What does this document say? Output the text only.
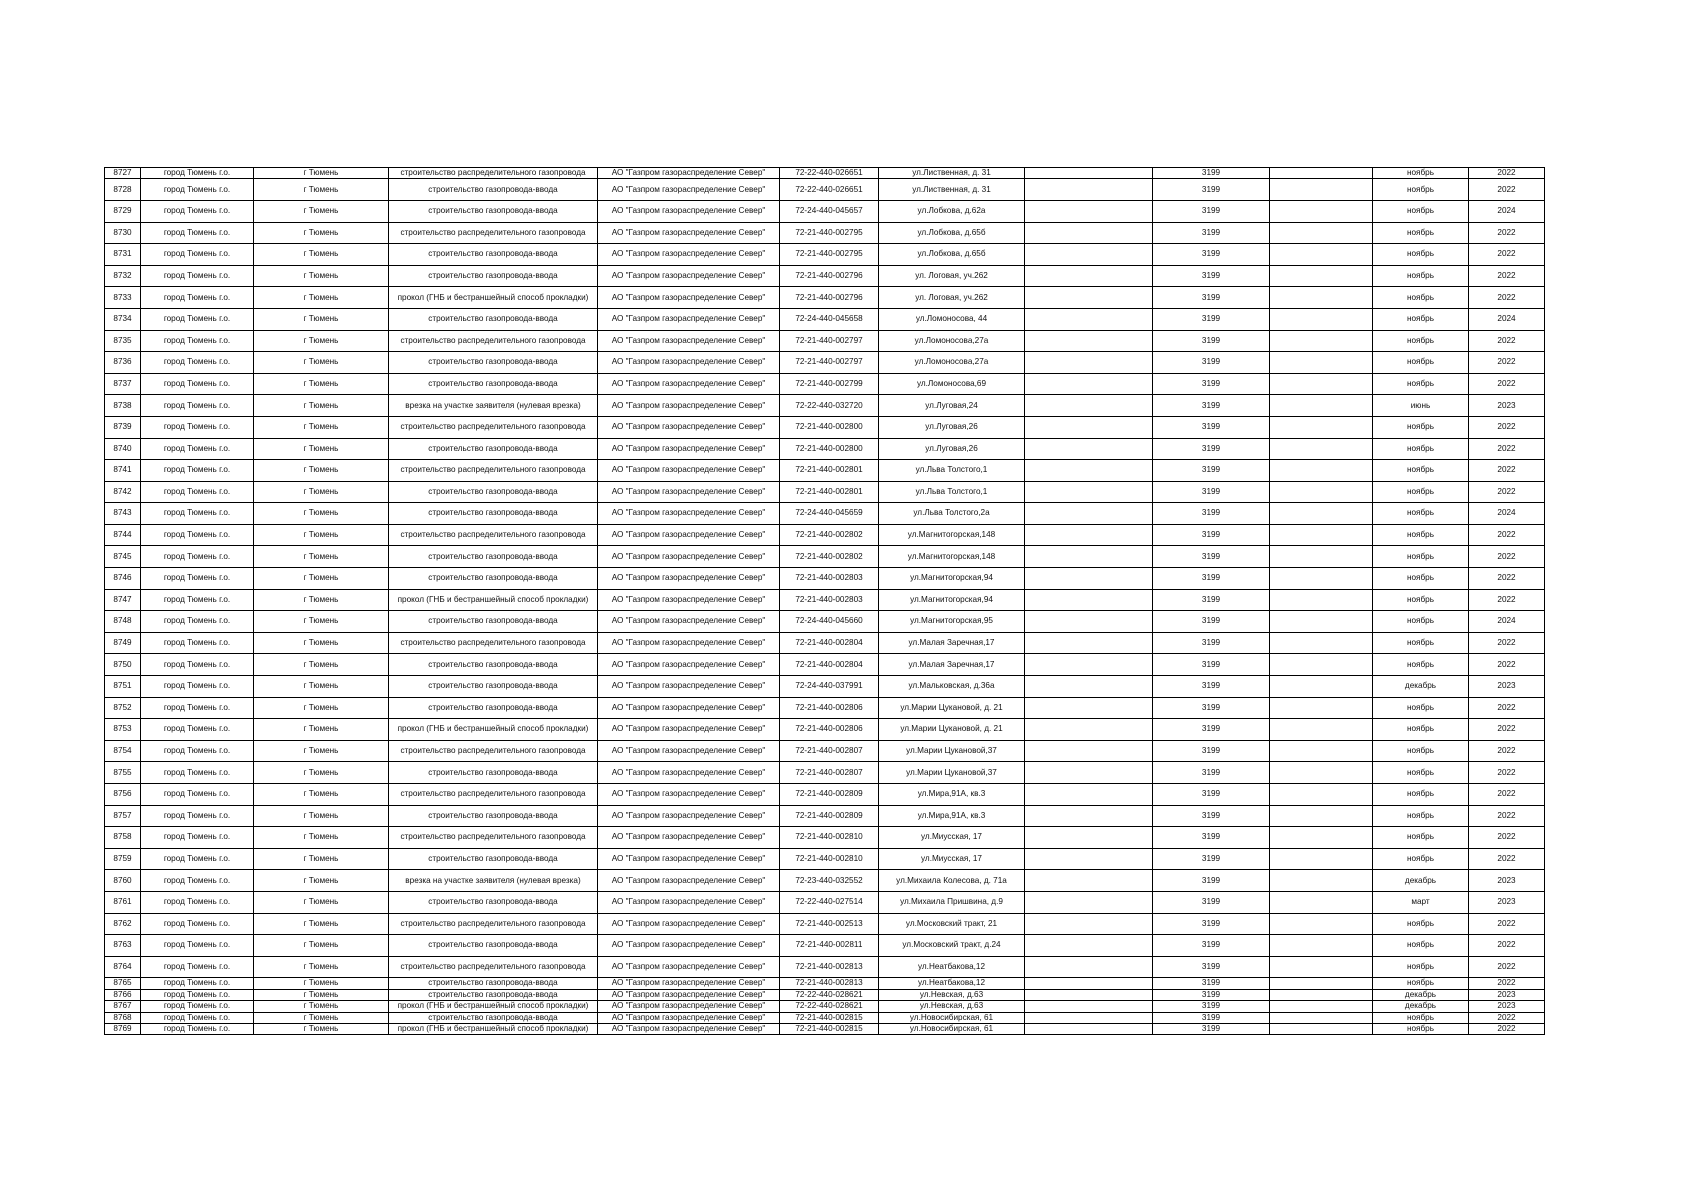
8727	город Тюмень г.о.	г Тюмень	строительство распределительного газопровода	АО "Газпром газораспределение Север"	72-22-440-026651	ул.Лиственная, д. 31		3199		ноябрь	2022
8728	город Тюмень г.о.	г Тюмень	строительство газопровода-ввода	АО "Газпром газораспределение Север"	72-22-440-026651	ул.Лиственная, д. 31		3199		ноябрь	2022
8729	город Тюмень г.о.	г Тюмень	строительство газопровода-ввода	АО "Газпром газораспределение Север"	72-24-440-045657	ул.Лобкова, д.62а		3199		ноябрь	2024
8730	город Тюмень г.о.	г Тюмень	строительство распределительного газопровода	АО "Газпром газораспределение Север"	72-21-440-002795	ул.Лобкова, д.65б		3199		ноябрь	2022
8731	город Тюмень г.о.	г Тюмень	строительство газопровода-ввода	АО "Газпром газораспределение Север"	72-21-440-002795	ул.Лобкова, д.65б		3199		ноябрь	2022
8732	город Тюмень г.о.	г Тюмень	строительство газопровода-ввода	АО "Газпром газораспределение Север"	72-21-440-002796	ул. Логовая, уч.262		3199		ноябрь	2022
8733	город Тюмень г.о.	г Тюмень	прокол (ГНБ и бестраншейный способ прокладки)	АО "Газпром газораспределение Север"	72-21-440-002796	ул. Логовая, уч.262		3199		ноябрь	2022
8734	город Тюмень г.о.	г Тюмень	строительство газопровода-ввода	АО "Газпром газораспределение Север"	72-24-440-045658	ул.Ломоносова, 44		3199		ноябрь	2024
8735	город Тюмень г.о.	г Тюмень	строительство распределительного газопровода	АО "Газпром газораспределение Север"	72-21-440-002797	ул.Ломоносова,27а		3199		ноябрь	2022
8736	город Тюмень г.о.	г Тюмень	строительство газопровода-ввода	АО "Газпром газораспределение Север"	72-21-440-002797	ул.Ломоносова,27а		3199		ноябрь	2022
8737	город Тюмень г.о.	г Тюмень	строительство газопровода-ввода	АО "Газпром газораспределение Север"	72-21-440-002799	ул.Ломоносова,69		3199		ноябрь	2022
8738	город Тюмень г.о.	г Тюмень	врезка на участке заявителя (нулевая врезка)	АО "Газпром газораспределение Север"	72-22-440-032720	ул.Луговая,24		3199		июнь	2023
8739	город Тюмень г.о.	г Тюмень	строительство распределительного газопровода	АО "Газпром газораспределение Север"	72-21-440-002800	ул.Луговая,26		3199		ноябрь	2022
8740	город Тюмень г.о.	г Тюмень	строительство газопровода-ввода	АО "Газпром газораспределение Север"	72-21-440-002800	ул.Луговая,26		3199		ноябрь	2022
8741	город Тюмень г.о.	г Тюмень	строительство распределительного газопровода	АО "Газпром газораспределение Север"	72-21-440-002801	ул.Льва Толстого,1		3199		ноябрь	2022
8742	город Тюмень г.о.	г Тюмень	строительство газопровода-ввода	АО "Газпром газораспределение Север"	72-21-440-002801	ул.Льва Толстого,1		3199		ноябрь	2022
8743	город Тюмень г.о.	г Тюмень	строительство газопровода-ввода	АО "Газпром газораспределение Север"	72-24-440-045659	ул.Льва Толстого,2а		3199		ноябрь	2024
8744	город Тюмень г.о.	г Тюмень	строительство распределительного газопровода	АО "Газпром газораспределение Север"	72-21-440-002802	ул.Магнитогорская,148		3199		ноябрь	2022
8745	город Тюмень г.о.	г Тюмень	строительство газопровода-ввода	АО "Газпром газораспределение Север"	72-21-440-002802	ул.Магнитогорская,148		3199		ноябрь	2022
8746	город Тюмень г.о.	г Тюмень	строительство газопровода-ввода	АО "Газпром газораспределение Север"	72-21-440-002803	ул.Магнитогорская,94		3199		ноябрь	2022
8747	город Тюмень г.о.	г Тюмень	прокол (ГНБ и бестраншейный способ прокладки)	АО "Газпром газораспределение Север"	72-21-440-002803	ул.Магнитогорская,94		3199		ноябрь	2022
8748	город Тюмень г.о.	г Тюмень	строительство газопровода-ввода	АО "Газпром газораспределение Север"	72-24-440-045660	ул.Магнитогорская,95		3199		ноябрь	2024
8749	город Тюмень г.о.	г Тюмень	строительство распределительного газопровода	АО "Газпром газораспределение Север"	72-21-440-002804	ул.Малая Заречная,17		3199		ноябрь	2022
8750	город Тюмень г.о.	г Тюмень	строительство газопровода-ввода	АО "Газпром газораспределение Север"	72-21-440-002804	ул.Малая Заречная,17		3199		ноябрь	2022
8751	город Тюмень г.о.	г Тюмень	строительство газопровода-ввода	АО "Газпром газораспределение Север"	72-24-440-037991	ул.Мальковская, д.36а		3199		декабрь	2023
8752	город Тюмень г.о.	г Тюмень	строительство газопровода-ввода	АО "Газпром газораспределение Север"	72-21-440-002806	ул.Марии Цукановой, д. 21		3199		ноябрь	2022
8753	город Тюмень г.о.	г Тюмень	прокол (ГНБ и бестраншейный способ прокладки)	АО "Газпром газораспределение Север"	72-21-440-002806	ул.Марии Цукановой, д. 21		3199		ноябрь	2022
8754	город Тюмень г.о.	г Тюмень	строительство распределительного газопровода	АО "Газпром газораспределение Север"	72-21-440-002807	ул.Марии Цукановой,37		3199		ноябрь	2022
8755	город Тюмень г.о.	г Тюмень	строительство газопровода-ввода	АО "Газпром газораспределение Север"	72-21-440-002807	ул.Марии Цукановой,37		3199		ноябрь	2022
8756	город Тюмень г.о.	г Тюмень	строительство распределительного газопровода	АО "Газпром газораспределение Север"	72-21-440-002809	ул.Мира,91А, кв.3		3199		ноябрь	2022
8757	город Тюмень г.о.	г Тюмень	строительство газопровода-ввода	АО "Газпром газораспределение Север"	72-21-440-002809	ул.Мира,91А, кв.3		3199		ноябрь	2022
8758	город Тюмень г.о.	г Тюмень	строительство распределительного газопровода	АО "Газпром газораспределение Север"	72-21-440-002810	ул.Миусская, 17		3199		ноябрь	2022
8759	город Тюмень г.о.	г Тюмень	строительство газопровода-ввода	АО "Газпром газораспределение Север"	72-21-440-002810	ул.Миусская, 17		3199		ноябрь	2022
8760	город Тюмень г.о.	г Тюмень	врезка на участке заявителя (нулевая врезка)	АО "Газпром газораспределение Север"	72-23-440-032552	ул.Михаила Колесова, д. 71а		3199		декабрь	2023
8761	город Тюмень г.о.	г Тюмень	строительство газопровода-ввода	АО "Газпром газораспределение Север"	72-22-440-027514	ул.Михаила Пришвина, д.9		3199		март	2023
8762	город Тюмень г.о.	г Тюмень	строительство распределительного газопровода	АО "Газпром газораспределение Север"	72-21-440-002513	ул.Московский тракт, 21		3199		ноябрь	2022
8763	город Тюмень г.о.	г Тюмень	строительство газопровода-ввода	АО "Газпром газораспределение Север"	72-21-440-002811	ул.Московский тракт, д.24		3199		ноябрь	2022
8764	город Тюмень г.о.	г Тюмень	строительство распределительного газопровода	АО "Газпром газораспределение Север"	72-21-440-002813	ул.Неатбакова,12		3199		ноябрь	2022
8765	город Тюмень г.о.	г Тюмень	строительство газопровода-ввода	АО "Газпром газораспределение Север"	72-21-440-002813	ул.Неатбакова,12		3199		ноябрь	2022
8766	город Тюмень г.о.	г Тюмень	строительство газопровода-ввода	АО "Газпром газораспределение Север"	72-22-440-028621	ул.Невская, д.63		3199		декабрь	2023
8767	город Тюмень г.о.	г Тюмень	прокол (ГНБ и бестраншейный способ прокладки)	АО "Газпром газораспределение Север"	72-22-440-028621	ул.Невская, д.63		3199		декабрь	2023
8768	город Тюмень г.о.	г Тюмень	строительство газопровода-ввода	АО "Газпром газораспределение Север"	72-21-440-002815	ул.Новосибирская, 61		3199		ноябрь	2022
8769	город Тюмень г.о.	г Тюмень	прокол (ГНБ и бестраншейный способ прокладки)	АО "Газпром газораспределение Север"	72-21-440-002815	ул.Новосибирская, 61		3199		ноябрь	2022
